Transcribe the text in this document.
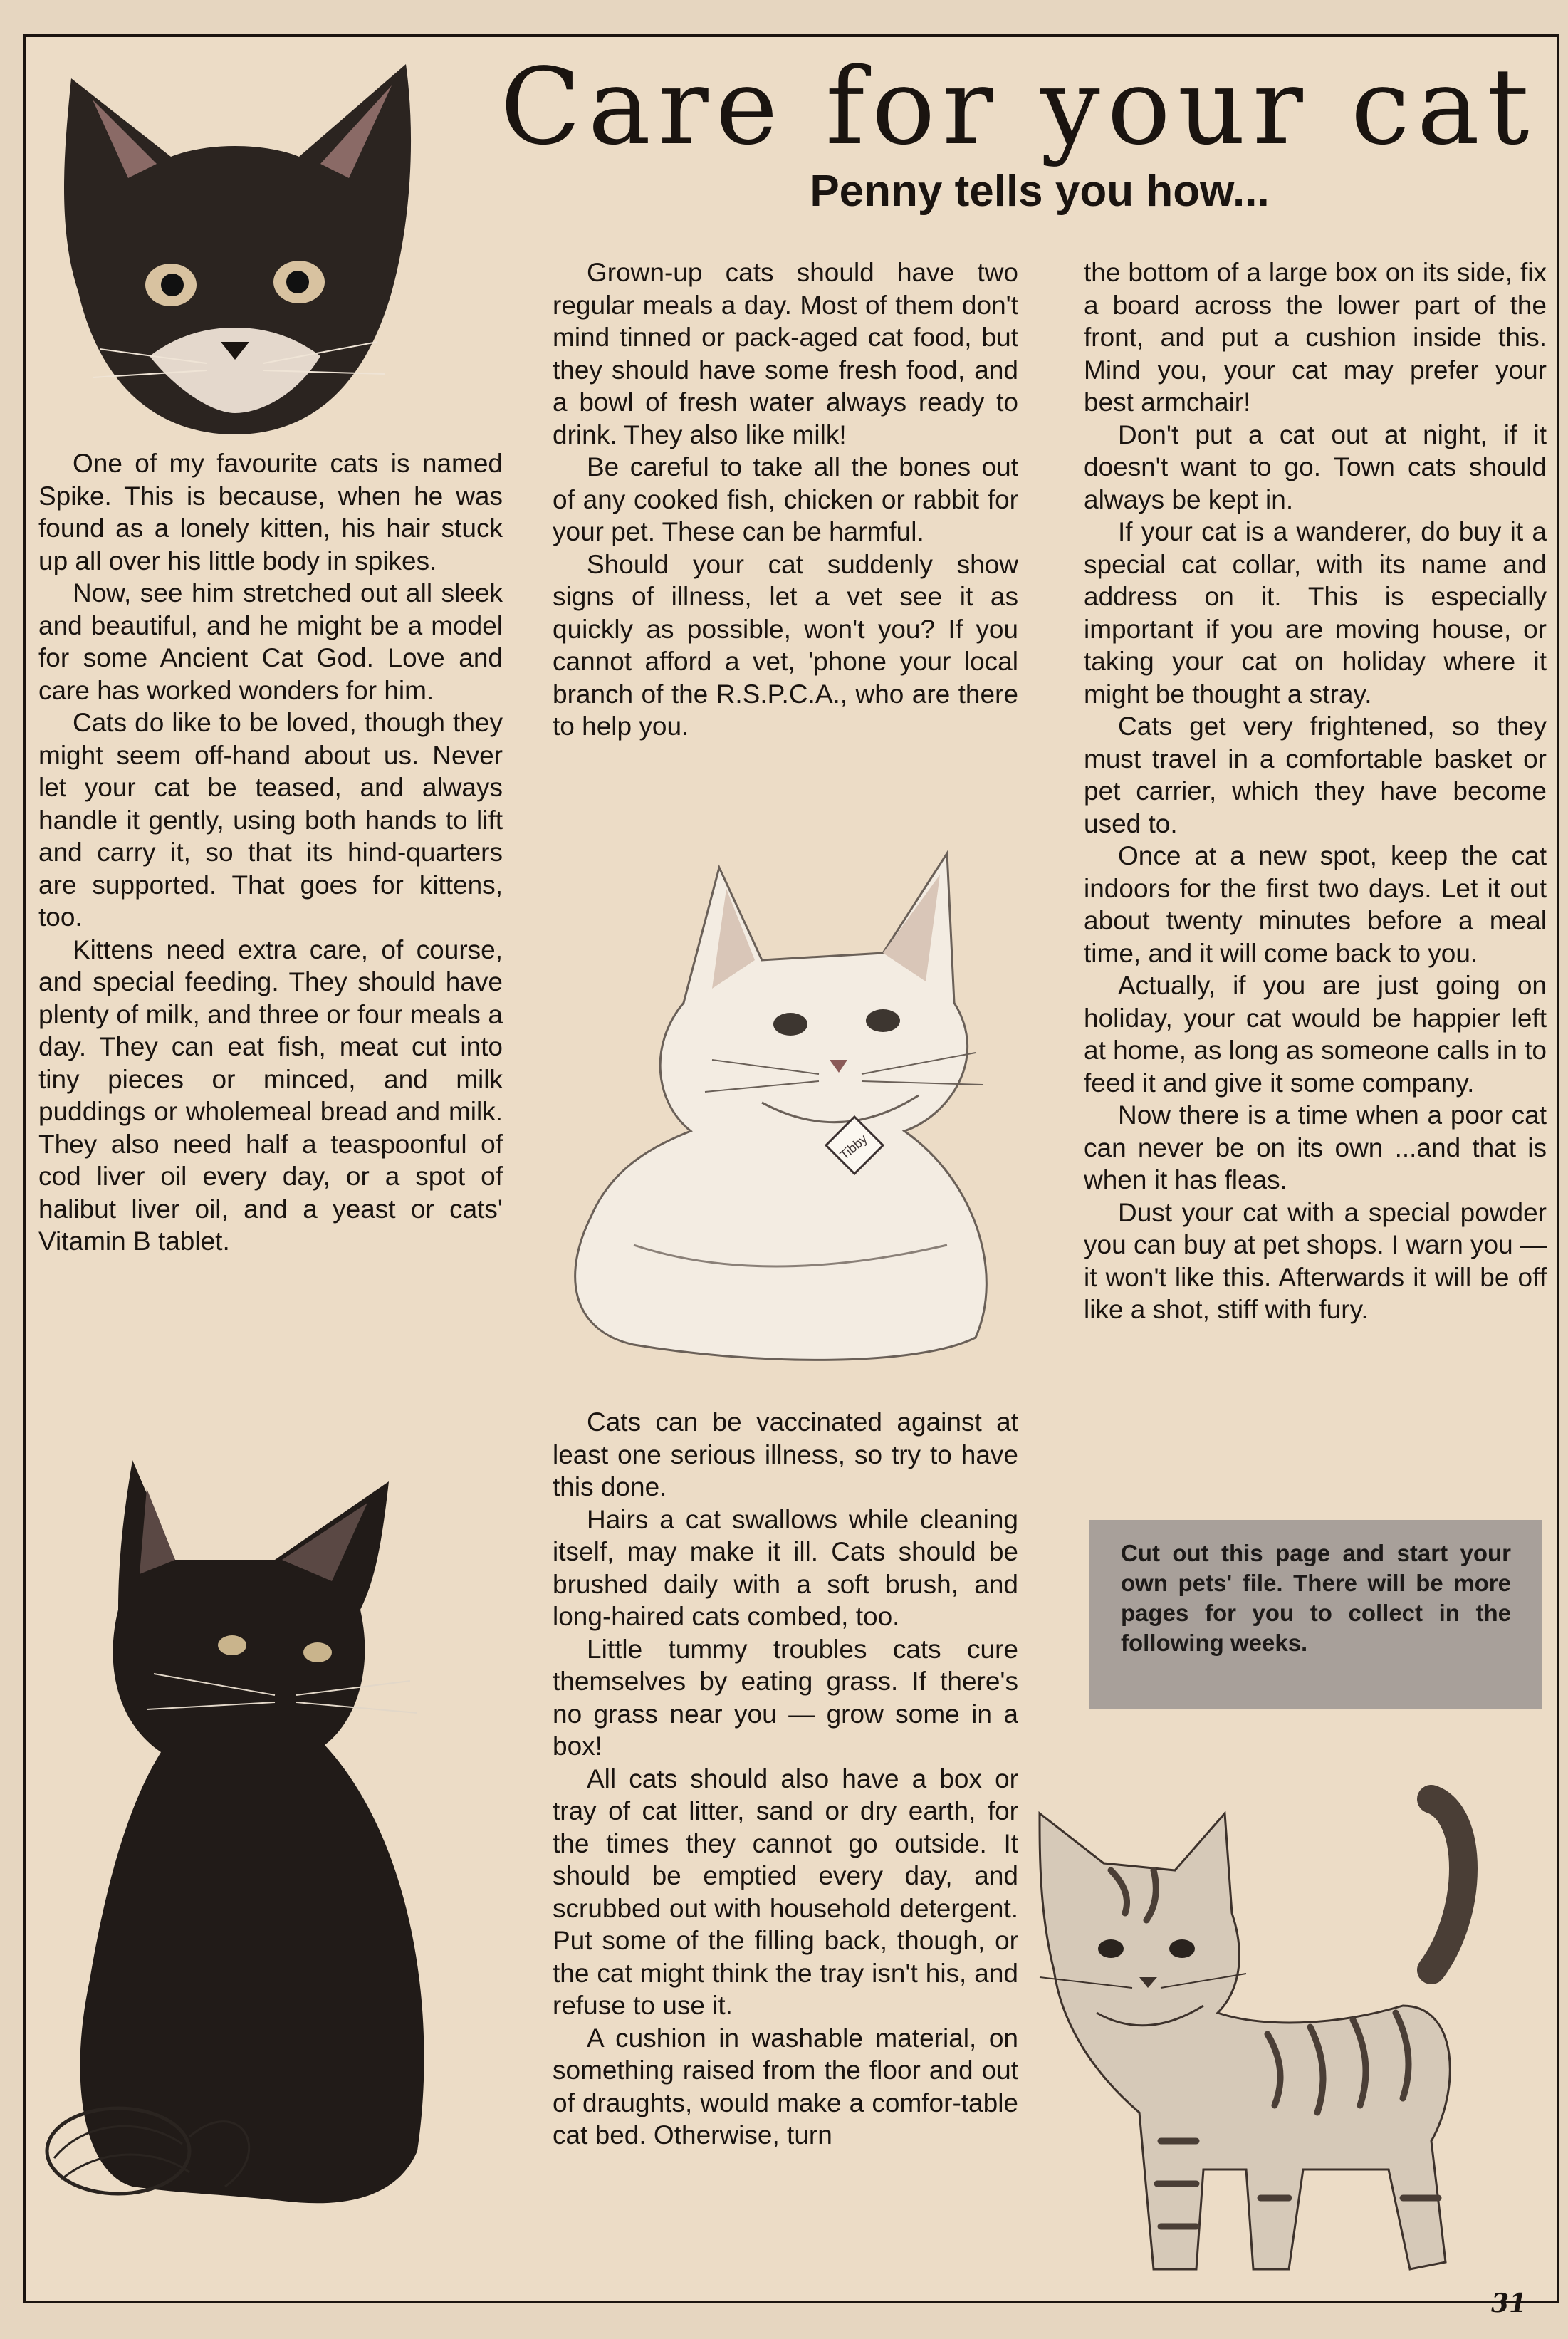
Care for your cat
Penny tells you how...
Tibby

One of my favourite cats is named Spike. This is because, when he was found as a lonely kitten, his hair stuck up all over his little body in spikes.

Now, see him stretched out all sleek and beautiful, and he might be a model for some Ancient Cat God. Love and care has worked wonders for him.

Cats do like to be loved, though they might seem off-hand about us. Never let your cat be teased, and always handle it gently, using both hands to lift and carry it, so that its hind-quarters are supported. That goes for kittens, too.

Kittens need extra care, of course, and special feeding. They should have plenty of milk, and three or four meals a day. They can eat fish, meat cut into tiny pieces or minced, and milk puddings or wholemeal bread and milk. They also need half a teaspoonful of cod liver oil every day, or a spot of halibut liver oil, and a yeast or cats' Vitamin B tablet.

Grown-up cats should have two regular meals a day. Most of them don't mind tinned or pack-aged cat food, but they should have some fresh food, and a bowl of fresh water always ready to drink. They also like milk!

Be careful to take all the bones out of any cooked fish, chicken or rabbit for your pet. These can be harmful.

Should your cat suddenly show signs of illness, let a vet see it as quickly as possible, won't you? If you cannot afford a vet, 'phone your local branch of the R.S.P.C.A., who are there to help you.

Cats can be vaccinated against at least one serious illness, so try to have this done.

Hairs a cat swallows while cleaning itself, may make it ill. Cats should be brushed daily with a soft brush, and long-haired cats combed, too.

Little tummy troubles cats cure themselves by eating grass. If there's no grass near you — grow some in a box!

All cats should also have a box or tray of cat litter, sand or dry earth, for the times they cannot go outside. It should be emptied every day, and scrubbed out with household detergent. Put some of the filling back, though, or the cat might think the tray isn't his, and refuse to use it.

A cushion in washable material, on something raised from the floor and out of draughts, would make a comfor-table cat bed. Otherwise, turn

the bottom of a large box on its side, fix a board across the lower part of the front, and put a cushion inside this. Mind you, your cat may prefer your best armchair!

Don't put a cat out at night, if it doesn't want to go. Town cats should always be kept in.

If your cat is a wanderer, do buy it a special cat collar, with its name and address on it. This is especially important if you are moving house, or taking your cat on holiday where it might be thought a stray.

Cats get very frightened, so they must travel in a comfortable basket or pet carrier, which they have become used to.

Once at a new spot, keep the cat indoors for the first two days. Let it out about twenty minutes before a meal time, and it will come back to you.

Actually, if you are just going on holiday, your cat would be happier left at home, as long as someone calls in to feed it and give it some company.

Now there is a time when a poor cat can never be on its own ...and that is when it has fleas.

Dust your cat with a special powder you can buy at pet shops. I warn you — it won't like this. Afterwards it will be off like a shot, stiff with fury.

Cut out this page and start your own pets' file. There will be more pages for you to collect in the following weeks.
31
